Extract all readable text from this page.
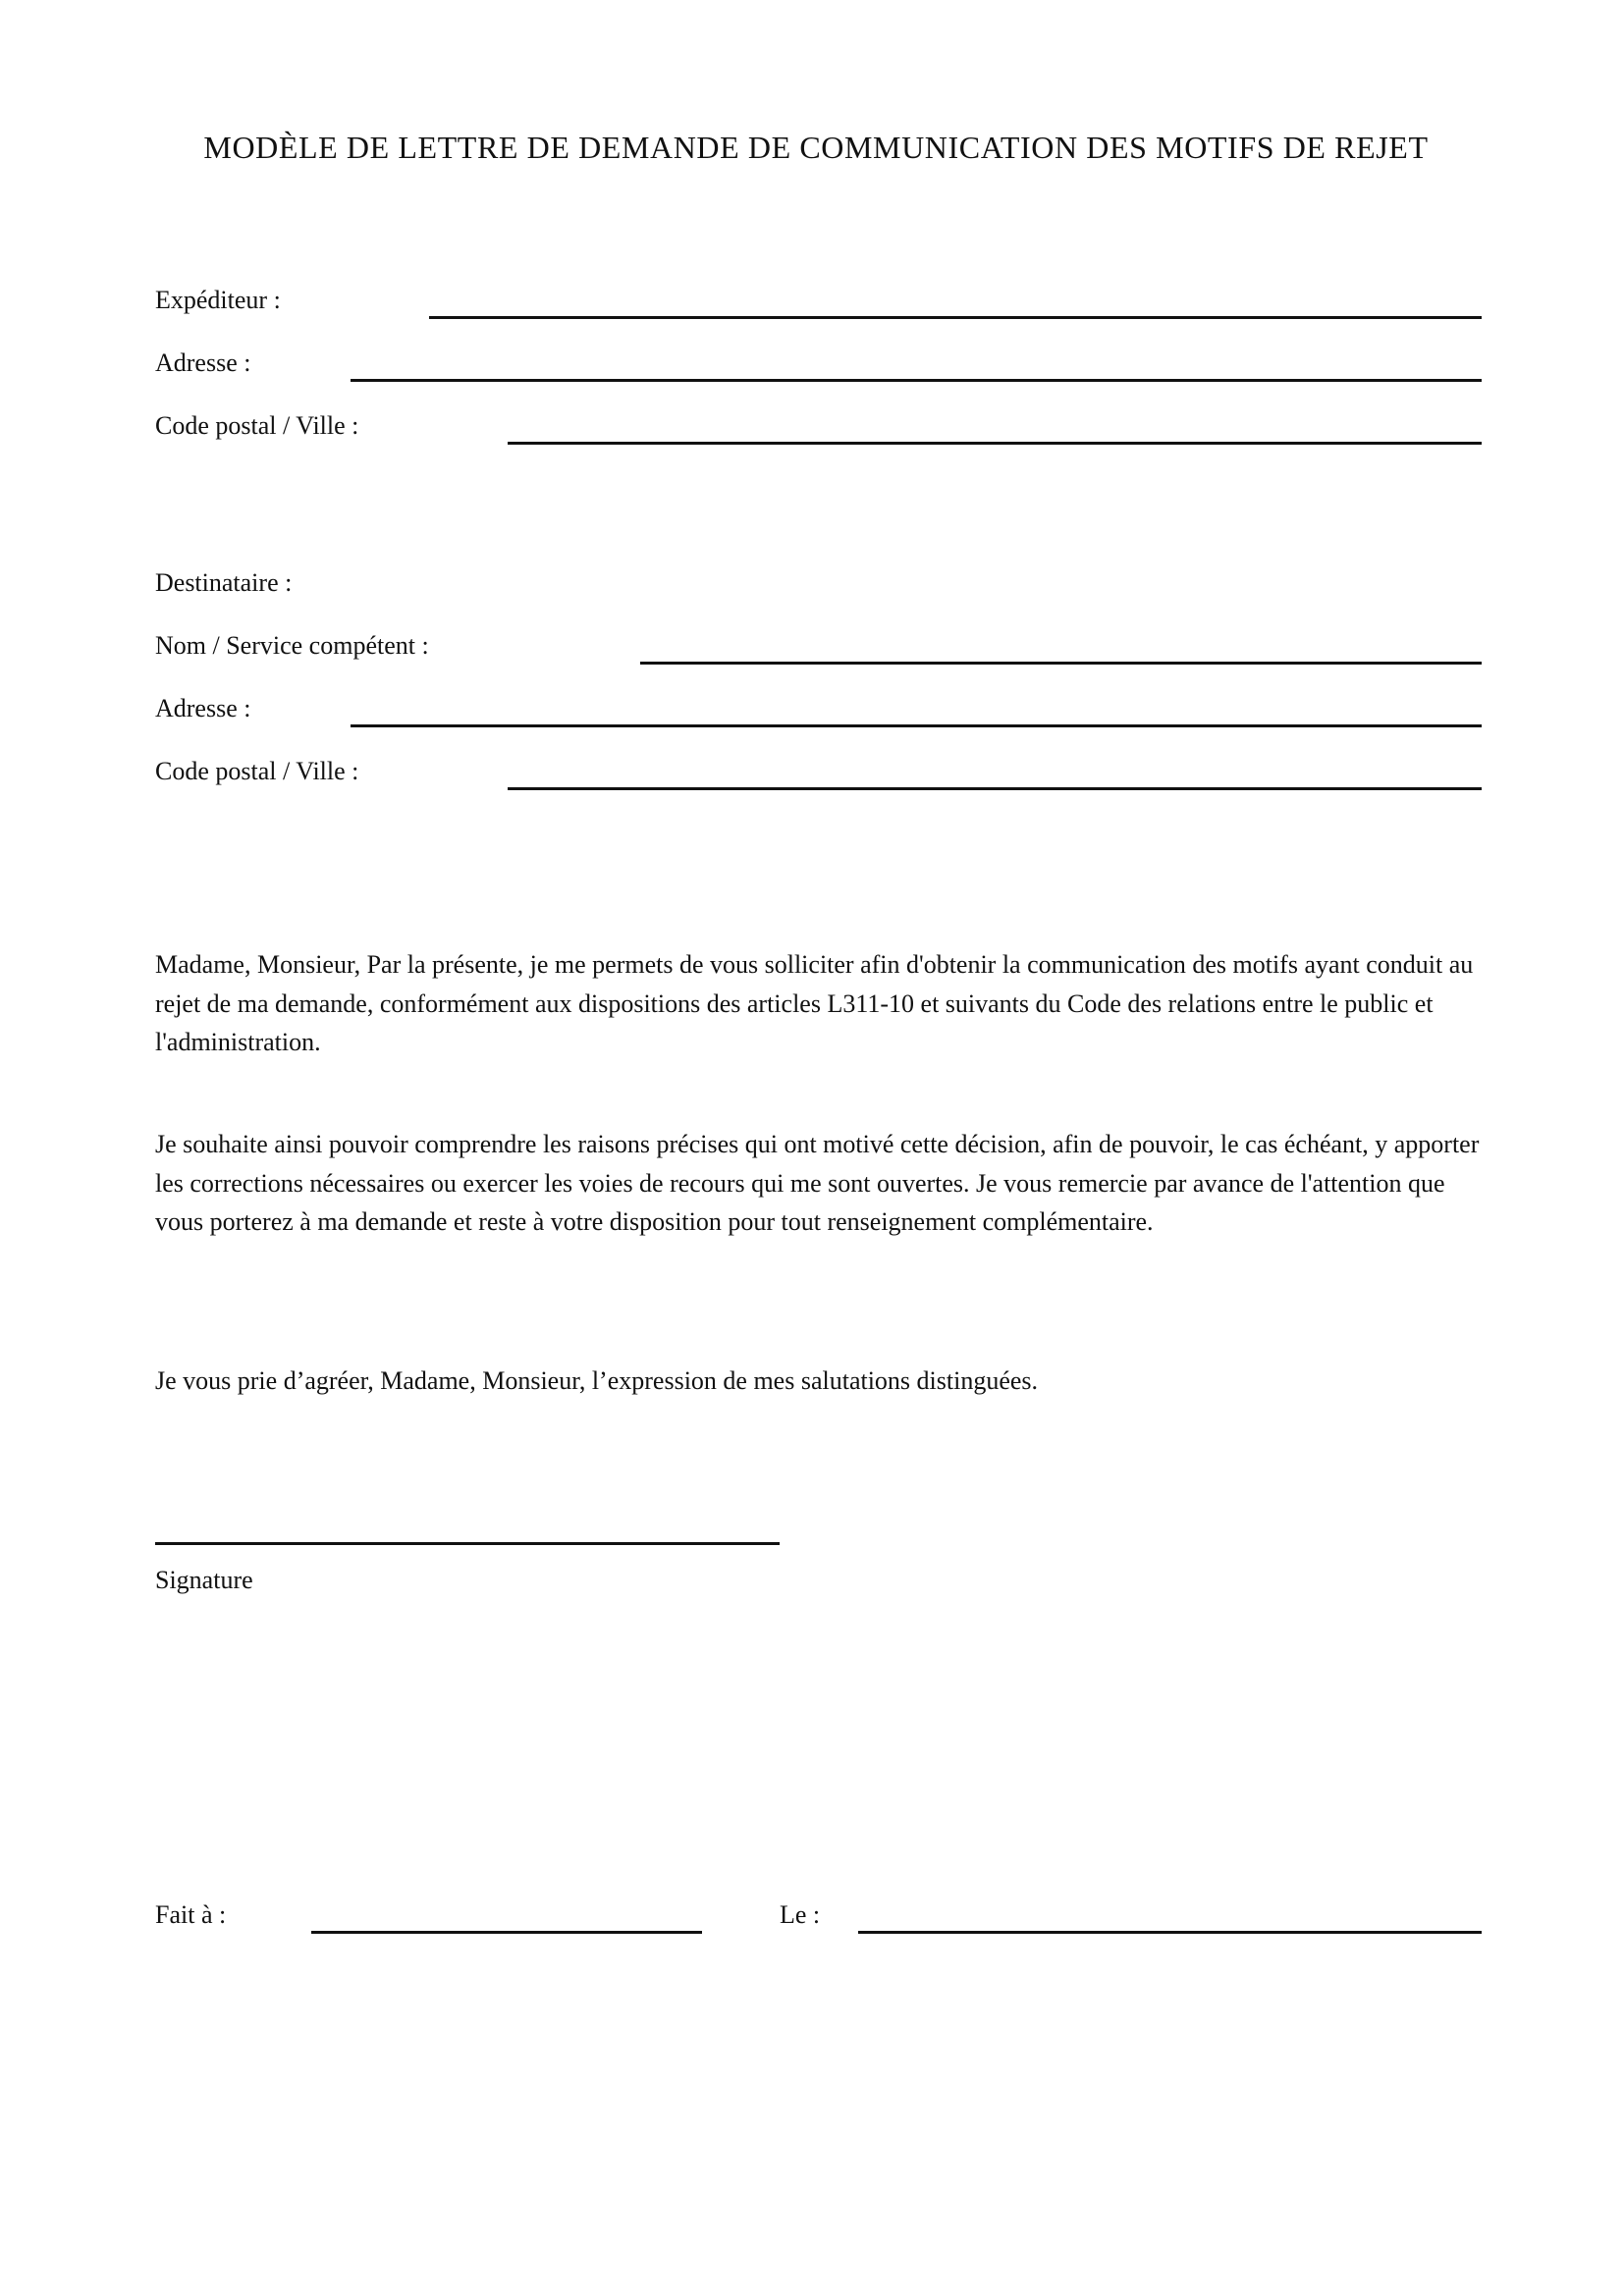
MODÈLE DE LETTRE DE DEMANDE DE COMMUNICATION DES MOTIFS DE REJET
Expéditeur :
Adresse :
Code postal / Ville :
Destinataire :
Nom / Service compétent :
Adresse :
Code postal / Ville :
Madame, Monsieur, Par la présente, je me permets de vous solliciter afin d'obtenir la communication des motifs ayant conduit au rejet de ma demande, conformément aux dispositions des articles L311-10 et suivants du Code des relations entre le public et l'administration.
Je souhaite ainsi pouvoir comprendre les raisons précises qui ont motivé cette décision, afin de pouvoir, le cas échéant, y apporter les corrections nécessaires ou exercer les voies de recours qui me sont ouvertes. Je vous remercie par avance de l'attention que vous porterez à ma demande et reste à votre disposition pour tout renseignement complémentaire.
Je vous prie d’agréer, Madame, Monsieur, l’expression de mes salutations distinguées.
Signature
Fait à :	Le :
